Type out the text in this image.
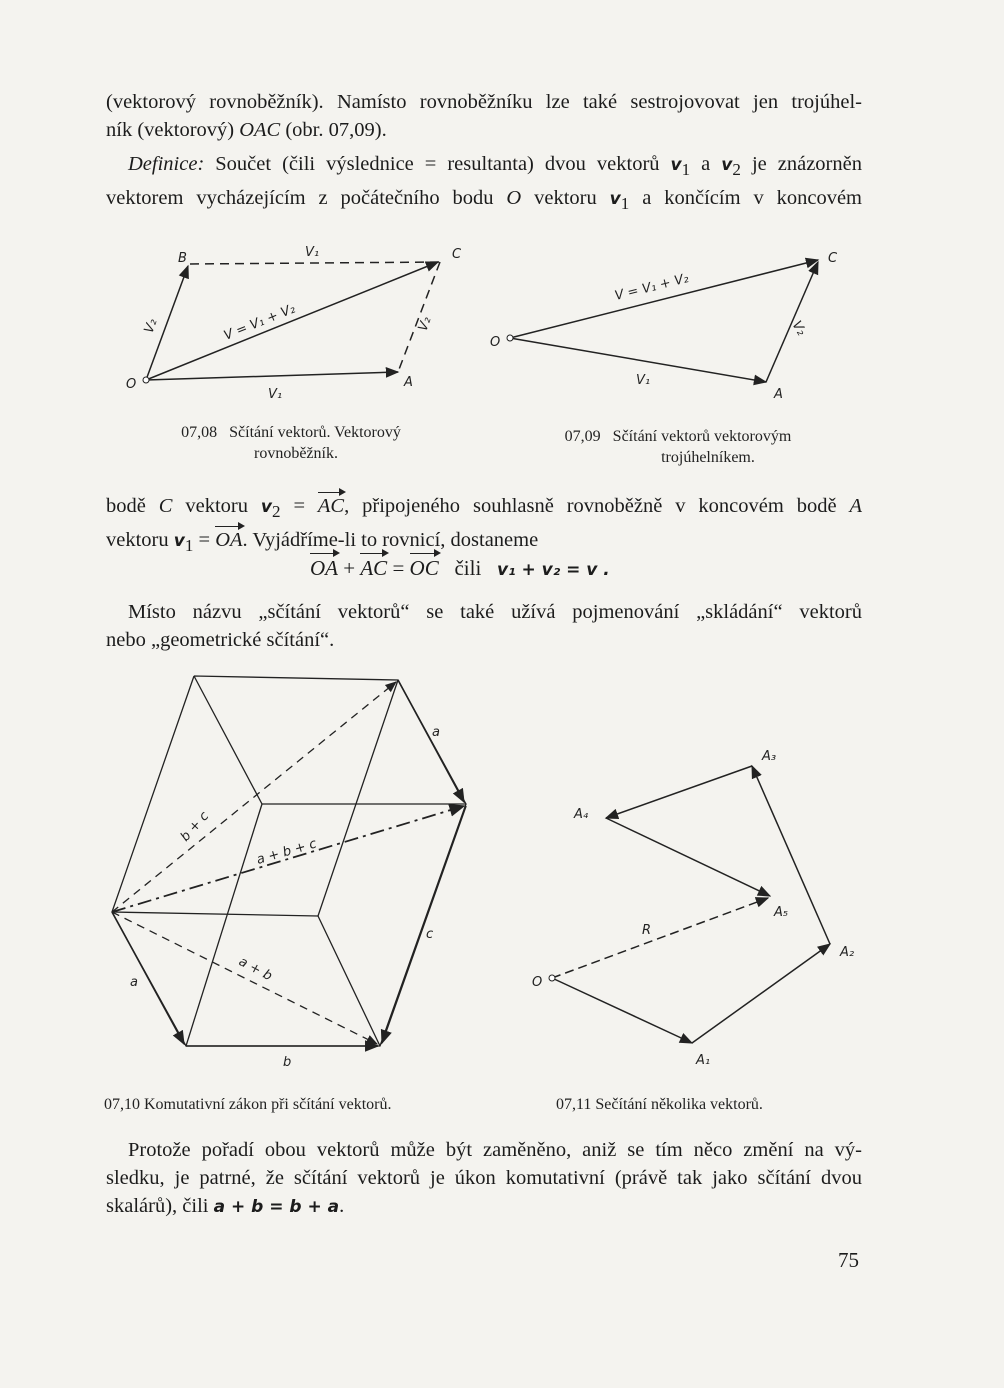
(vektorový rovnoběžník). Namísto rovnoběžníku lze také sestrojovovat jen trojúhel-
ník (vektorový) OAC (obr. 07,09).
Definice: Součet (čili výslednice = resultanta) dvou vektorů $v_1$ a $v_2$ je znázorněn
vektorem vycházejícím z počátečního bodu O vektoru $v_1$ a končícím v koncovém
B	C
O	A
V₁
V₁
V₂	V₂
V = V₁ + V₂	O
C
A
V₁
V₂
V = V₁ + V₂
07,08 Sčítání vektorů. Vektorový
rovnoběžník.
07,09 Sčítání vektorů vektorovým
trojúhelníkem.
bodě C vektoru $v_2$ = AC, připojeného souhlasně rovnoběžně v koncovém bodě A
vektoru $v_1$ = OA. Vyjádříme-li to rovnicí, dostaneme
OA + AC = OC   čili   v₁ + v₂ = v .
Místo názvu „sčítání vektorů“ se také užívá pojmenování „skládání“ vektorů
nebo „geometrické sčítání“.
a
a
b
c
b + c
a + b
a + b + c
O
A₁
A₂
A₃
A₄
A₅
R
07,10 Komutativní zákon při sčítání vektorů.	07,11 Sečítání několika vektorů.
Protože pořadí obou vektorů může být zaměněno, aniž se tím něco změní na vý-
sledku, je patrné, že sčítání vektorů je úkon komutativní (právě tak jako sčítání dvou
skalárů), čili a + b = b + a.
75
